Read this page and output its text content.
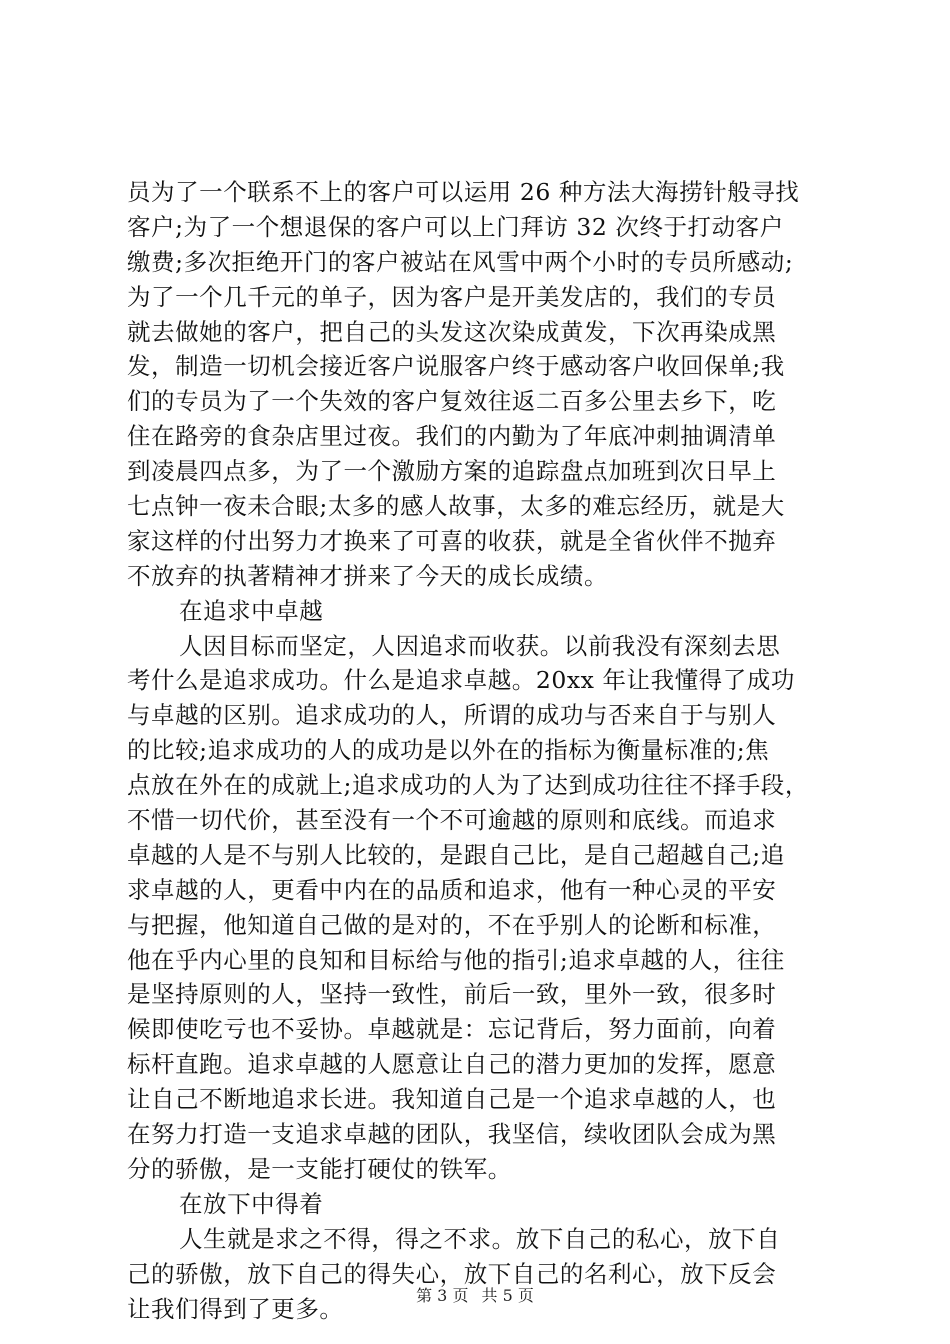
员为了一个联系不上的客户可以运用 26 种方法大海捞针般寻找
客户;为了一个想退保的客户可以上门拜访 32 次终于打动客户
缴费;多次拒绝开门的客户被站在风雪中两个小时的专员所感动;
为了一个几千元的单子，因为客户是开美发店的，我们的专员
就去做她的客户，把自己的头发这次染成黄发，下次再染成黑
发，制造一切机会接近客户说服客户终于感动客户收回保单;我
们的专员为了一个失效的客户复效往返二百多公里去乡下，吃
住在路旁的食杂店里过夜。我们的内勤为了年底冲刺抽调清单
到凌晨四点多，为了一个激励方案的追踪盘点加班到次日早上
七点钟一夜未合眼;太多的感人故事，太多的难忘经历，就是大
家这样的付出努力才换来了可喜的收获，就是全省伙伴不抛弃
不放弃的执著精神才拼来了今天的成长成绩。
在追求中卓越
人因目标而坚定，人因追求而收获。以前我没有深刻去思
考什么是追求成功。什么是追求卓越。20xx 年让我懂得了成功
与卓越的区别。追求成功的人，所谓的成功与否来自于与别人
的比较;追求成功的人的成功是以外在的指标为衡量标准的;焦
点放在外在的成就上;追求成功的人为了达到成功往往不择手段，
不惜一切代价，甚至没有一个不可逾越的原则和底线。而追求
卓越的人是不与别人比较的，是跟自己比，是自己超越自己;追
求卓越的人，更看中内在的品质和追求，他有一种心灵的平安
与把握，他知道自己做的是对的，不在乎别人的论断和标准，
他在乎内心里的良知和目标给与他的指引;追求卓越的人，往往
是坚持原则的人，坚持一致性，前后一致，里外一致，很多时
候即使吃亏也不妥协。卓越就是：忘记背后，努力面前，向着
标杆直跑。追求卓越的人愿意让自己的潜力更加的发挥，愿意
让自己不断地追求长进。我知道自己是一个追求卓越的人，也
在努力打造一支追求卓越的团队，我坚信，续收团队会成为黑
分的骄傲，是一支能打硬仗的铁军。
在放下中得着
人生就是求之不得，得之不求。放下自己的私心，放下自
己的骄傲，放下自己的得失心，放下自己的名利心，放下反会
让我们得到了更多。	第 3 页 共 5 页
